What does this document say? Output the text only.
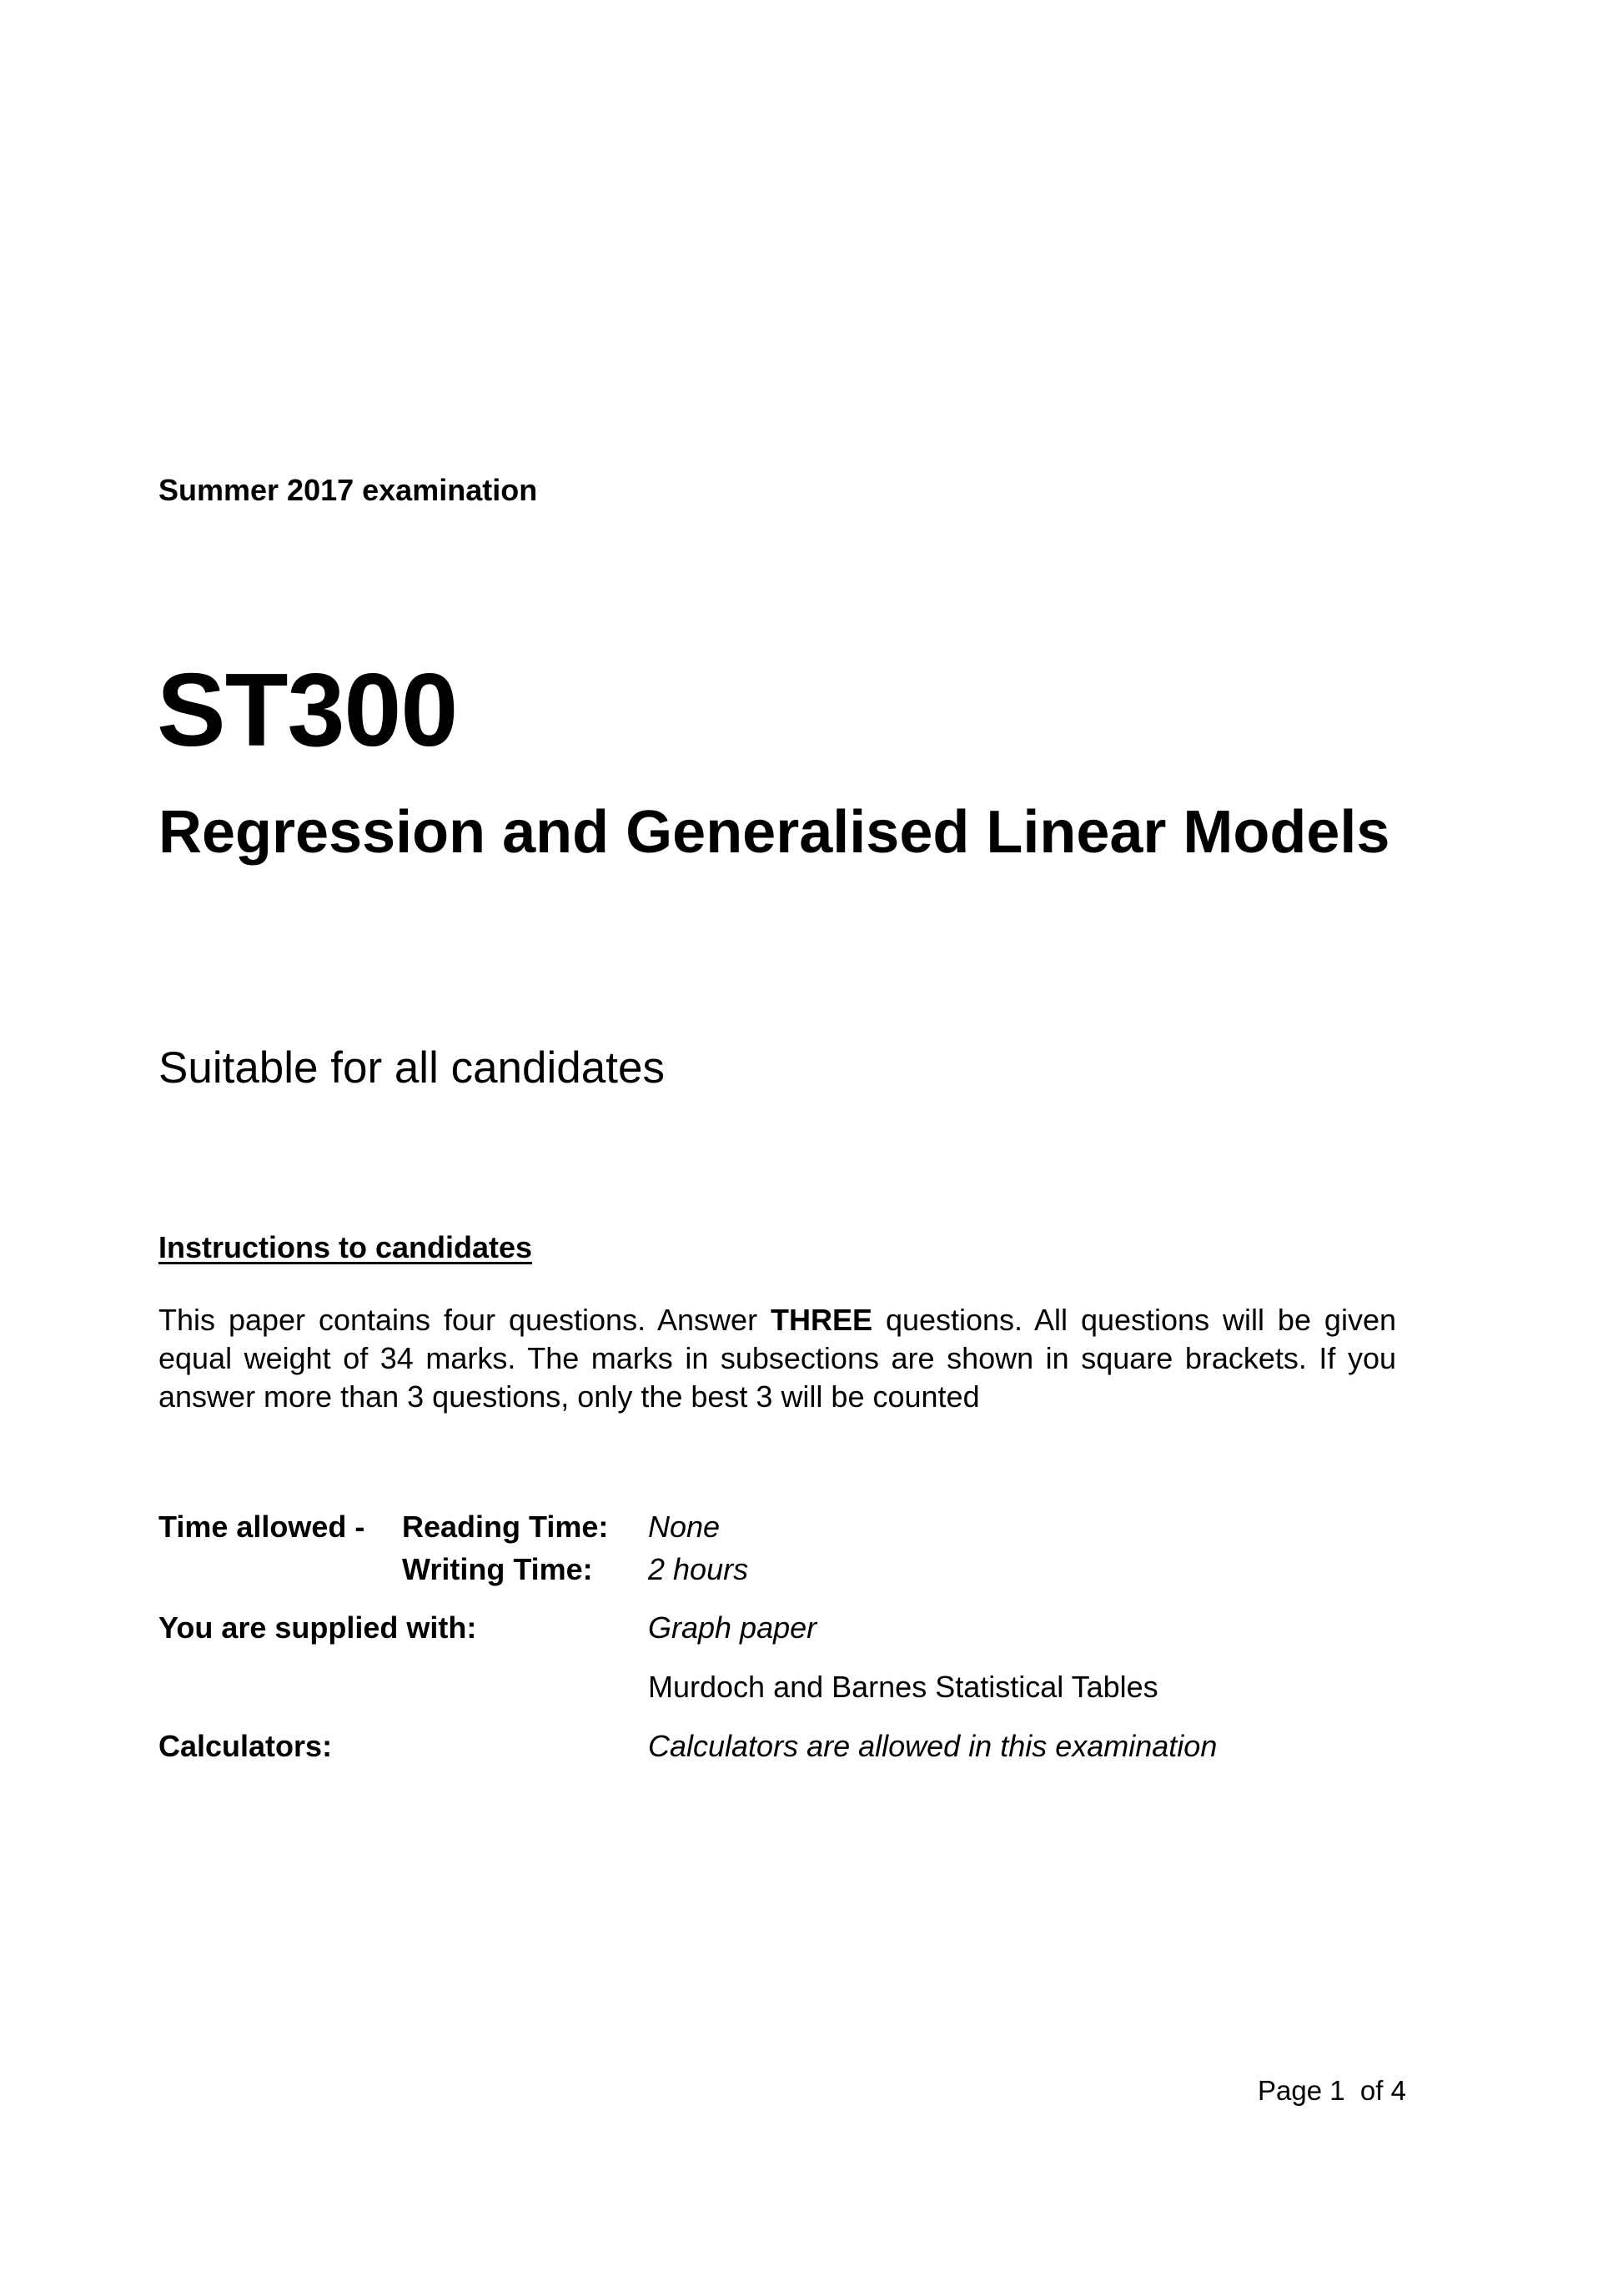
Summer 2017 examination
ST300
Regression and Generalised Linear Models
Suitable for all candidates
Instructions to candidates
This paper contains four questions. Answer THREE questions. All questions will be given equal weight of 34 marks. The marks in subsections are shown in square brackets. If you answer more than 3 questions, only the best 3 will be counted
Time allowed - Reading Time: None
Writing Time: 2 hours
You are supplied with:	Graph paper
Murdoch and Barnes Statistical Tables
Calculators:	Calculators are allowed in this examination
Page 1  of 4
